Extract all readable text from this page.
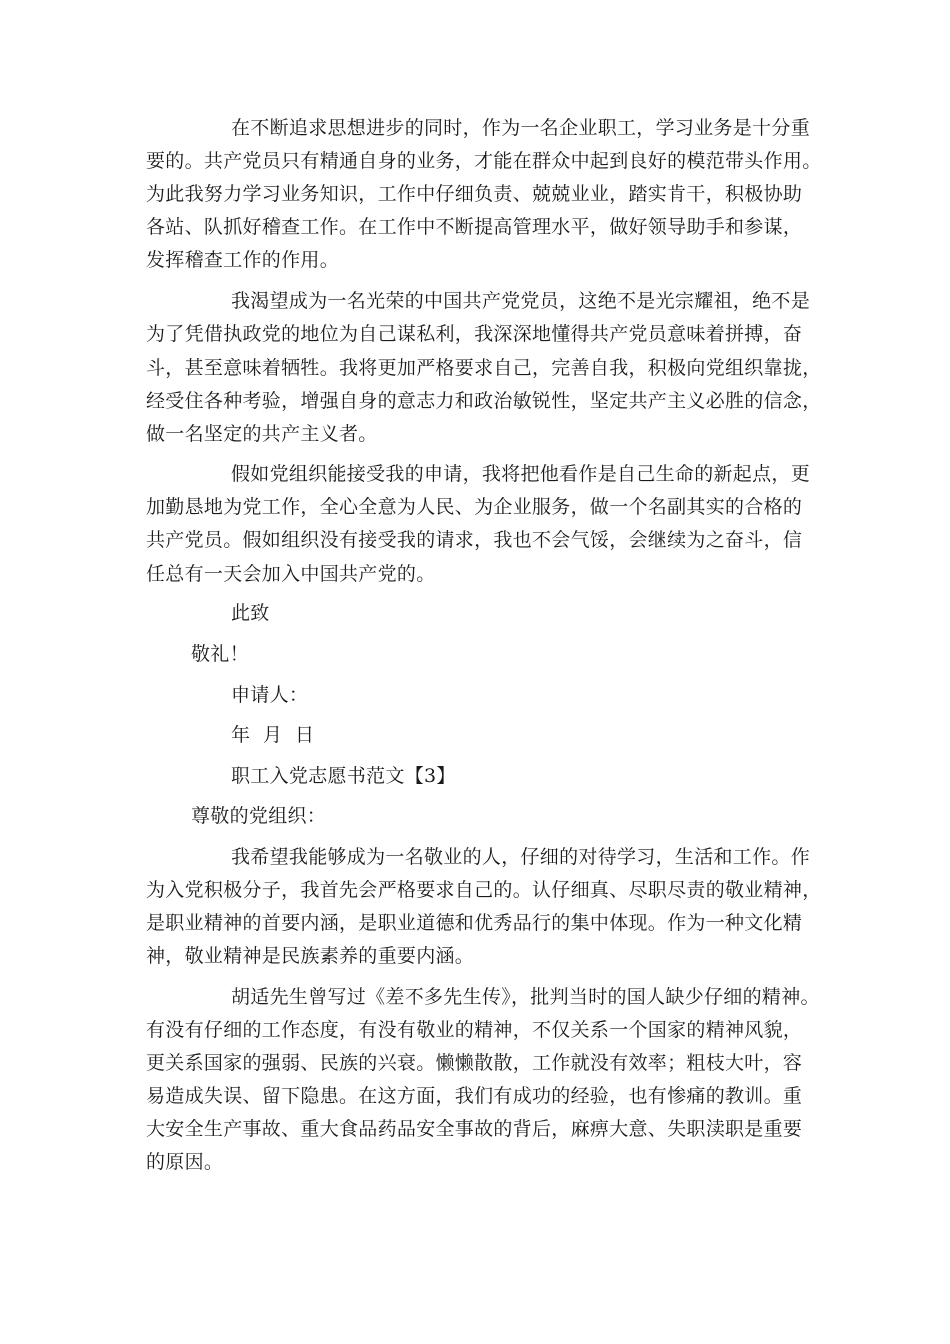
在不断追求思想进步的同时，作为一名企业职工，学习业务是十分重

要的。共产党员只有精通自身的业务，才能在群众中起到良好的模范带头作用。

为此我努力学习业务知识，工作中仔细负责、兢兢业业，踏实肯干，积极协助

各站、队抓好稽查工作。在工作中不断提高管理水平，做好领导助手和参谋，

发挥稽查工作的作用。

我渴望成为一名光荣的中国共产党党员，这绝不是光宗耀祖，绝不是

为了凭借执政党的地位为自己谋私利，我深深地懂得共产党员意味着拼搏，奋

斗，甚至意味着牺牲。我将更加严格要求自己，完善自我，积极向党组织靠拢，

经受住各种考验，增强自身的意志力和政治敏锐性，坚定共产主义必胜的信念，

做一名坚定的共产主义者。

假如党组织能接受我的申请，我将把他看作是自己生命的新起点，更

加勤恳地为党工作，全心全意为人民、为企业服务，做一个名副其实的合格的

共产党员。假如组织没有接受我的请求，我也不会气馁，会继续为之奋斗，信

任总有一天会加入中国共产党的。

此致

敬礼！

申请人：

年  月  日

职工入党志愿书范文【3】

尊敬的党组织：

我希望我能够成为一名敬业的人，仔细的对待学习，生活和工作。作

为入党积极分子，我首先会严格要求自己的。认仔细真、尽职尽责的敬业精神，

是职业精神的首要内涵，是职业道德和优秀品行的集中体现。作为一种文化精

神，敬业精神是民族素养的重要内涵。

胡适先生曾写过《差不多先生传》，批判当时的国人缺少仔细的精神。

有没有仔细的工作态度，有没有敬业的精神，不仅关系一个国家的精神风貌，

更关系国家的强弱、民族的兴衰。懒懒散散，工作就没有效率；粗枝大叶，容

易造成失误、留下隐患。在这方面，我们有成功的经验，也有惨痛的教训。重

大安全生产事故、重大食品药品安全事故的背后，麻痹大意、失职渎职是重要

的原因。
